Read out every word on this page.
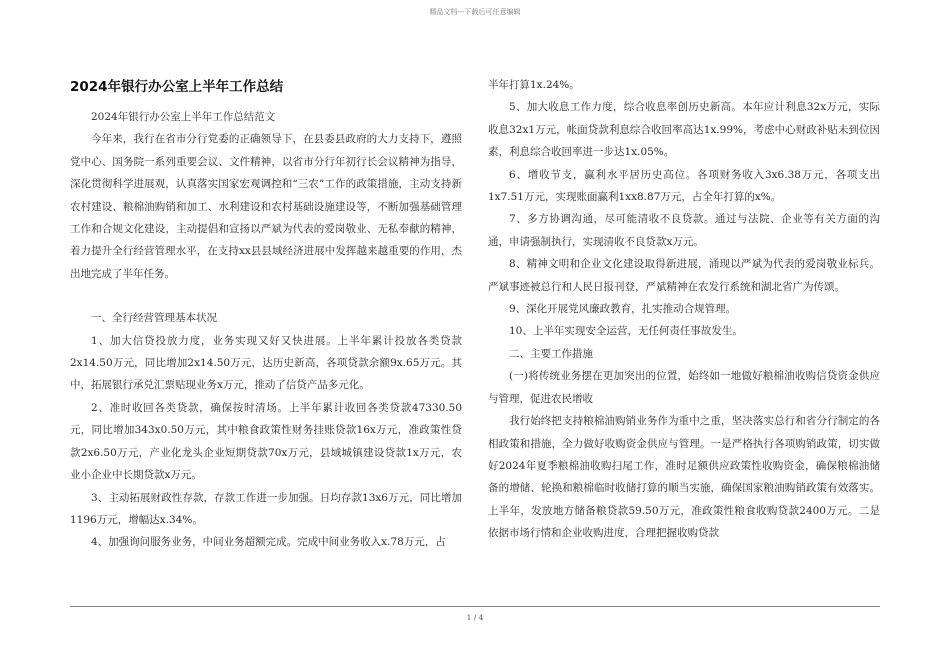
精品文档---下载后可任意编辑
2024年银行办公室上半年工作总结

2024年银行办公室上半年工作总结范文

今年来，我行在省市分行党委的正确领导下，在县委县政府的大力支持下，遵照党中心、国务院一系列重要会议、文件精神，以省市分行年初行长会议精神为指导，深化贯彻科学进展观，认真落实国家宏观调控和“三农”工作的政策措施，主动支持新农村建设、粮棉油购销和加工、水利建设和农村基础设施建设等，不断加强基础管理工作和合规文化建设，主动提倡和宣扬以严斌为代表的爱岗敬业、无私奉献的精神，着力提升全行经营管理水平，在支持xx县县域经济进展中发挥越来越重要的作用，杰出地完成了半年任务。

一、全行经营管理基本状况

1、加大信贷投放力度，业务实现又好又快进展。上半年累计投放各类贷款2x14.50万元，同比增加2x14.50万元，达历史新高，各项贷款余额9x.65万元。其中，拓展银行承兑汇票贴现业务x万元，推动了信贷产品多元化。

2、准时收回各类贷款，确保按时清场。上半年累计收回各类贷款47330.50元，同比增加343x0.50万元，其中粮食政策性财务挂账贷款16x万元，准政策性贷款2x6.50万元，产业化龙头企业短期贷款70x万元，县域城镇建设贷款1x万元，农业小企业中长期贷款x万元。

3、主动拓展财政性存款，存款工作进一步加强。日均存款13x6万元，同比增加1196万元，增幅达x.34%。

4、加强询问服务业务，中间业务超额完成。完成中间业务收入x.78万元，占

半年打算1x.24%。

5、加大收息工作力度，综合收息率创历史新高。本年应计利息32x万元，实际收息32x1万元，帐面贷款利息综合收回率高达1x.99%，考虑中心财政补贴未到位因素，利息综合收回率进一步达1x.05%。

6、增收节支，赢利水平居历史高位。各项财务收入3x6.38万元，各项支出1x7.51万元，实现账面赢利1xx8.87万元，占全年打算的x%。

7、多方协调沟通，尽可能清收不良贷款。通过与法院、企业等有关方面的沟通，申请强制执行，实现清收不良贷款x万元。

8、精神文明和企业文化建设取得新进展，涌现以严斌为代表的爱岗敬业标兵。严斌事迹被总行和人民日报刊登，严斌精神在农发行系统和湖北省广为传颂。

9、深化开展党风廉政教育，扎实推动合规管理。

10、上半年实现安全运营，无任何责任事故发生。

二、主要工作措施

(一)将传统业务摆在更加突出的位置，始终如一地做好粮棉油收购信贷资金供应与管理，促进农民增收

我行始终把支持粮棉油购销业务作为重中之重，坚决落实总行和省分行制定的各相政策和措施，全力做好收购资金供应与管理。一是严格执行各项购销政策，切实做好2024年夏季粮棉油收购扫尾工作，准时足额供应政策性收购资金，确保粮棉油储备的增储、轮换和粮棉临时收储打算的顺当实施，确保国家粮油购销政策有效落实。上半年，发放地方储备粮贷款59.50万元，准政策性粮食收购贷款2400万元。二是依据市场行情和企业收购进度，合理把握收购贷款

1 / 4
